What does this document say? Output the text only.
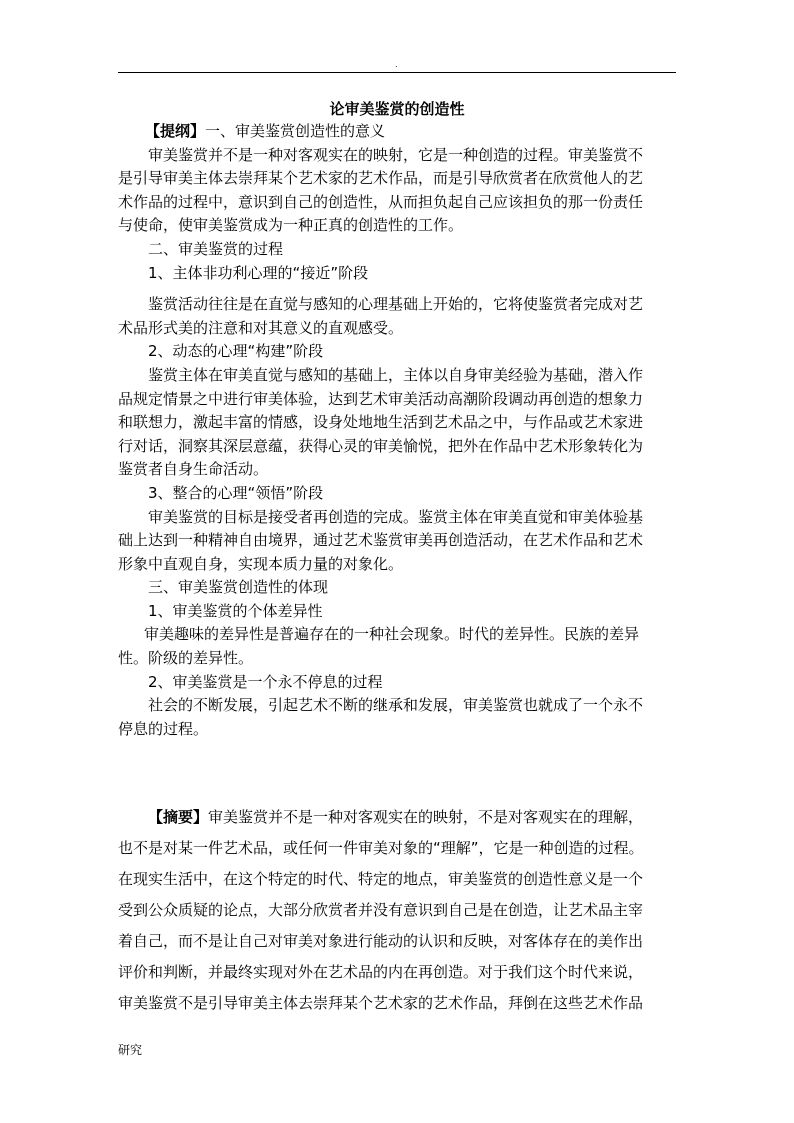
.
论审美鉴赏的创造性

【提纲】一、审美鉴赏创造性的意义

审美鉴赏并不是一种对客观实在的映射，它是一种创造的过程。审美鉴赏不

是引导审美主体去崇拜某个艺术家的艺术作品，而是引导欣赏者在欣赏他人的艺

术作品的过程中，意识到自己的创造性，从而担负起自己应该担负的那一份责任

与使命，使审美鉴赏成为一种正真的创造性的工作。

二、审美鉴赏的过程

1、主体非功利心理的“接近”阶段

鉴赏活动往往是在直觉与感知的心理基础上开始的，它将使鉴赏者完成对艺

术品形式美的注意和对其意义的直观感受。

2、动态的心理“构建”阶段

鉴赏主体在审美直觉与感知的基础上，主体以自身审美经验为基础，潜入作

品规定情景之中进行审美体验，达到艺术审美活动高潮阶段调动再创造的想象力

和联想力，激起丰富的情感，设身处地地生活到艺术品之中，与作品或艺术家进

行对话，洞察其深层意蕴，获得心灵的审美愉悦，把外在作品中艺术形象转化为

鉴赏者自身生命活动。

3、整合的心理“领悟”阶段

审美鉴赏的目标是接受者再创造的完成。鉴赏主体在审美直觉和审美体验基

础上达到一种精神自由境界，通过艺术鉴赏审美再创造活动，在艺术作品和艺术

形象中直观自身，实现本质力量的对象化。

三、审美鉴赏创造性的体现

1、审美鉴赏的个体差异性

审美趣味的差异性是普遍存在的一种社会现象。时代的差异性。民族的差异

性。阶级的差异性。

2、审美鉴赏是一个永不停息的过程

社会的不断发展，引起艺术不断的继承和发展，审美鉴赏也就成了一个永不

停息的过程。

【摘要】审美鉴赏并不是一种对客观实在的映射，不是对客观实在的理解，

也不是对某一件艺术品，或任何一件审美对象的“理解”，它是一种创造的过程。

在现实生活中，在这个特定的时代、特定的地点，审美鉴赏的创造性意义是一个

受到公众质疑的论点，大部分欣赏者并没有意识到自己是在创造，让艺术品主宰

着自己，而不是让自己对审美对象进行能动的认识和反映，对客体存在的美作出

评价和判断，并最终实现对外在艺术品的内在再创造。对于我们这个时代来说，

审美鉴赏不是引导审美主体去崇拜某个艺术家的艺术作品，拜倒在这些艺术作品

研究
